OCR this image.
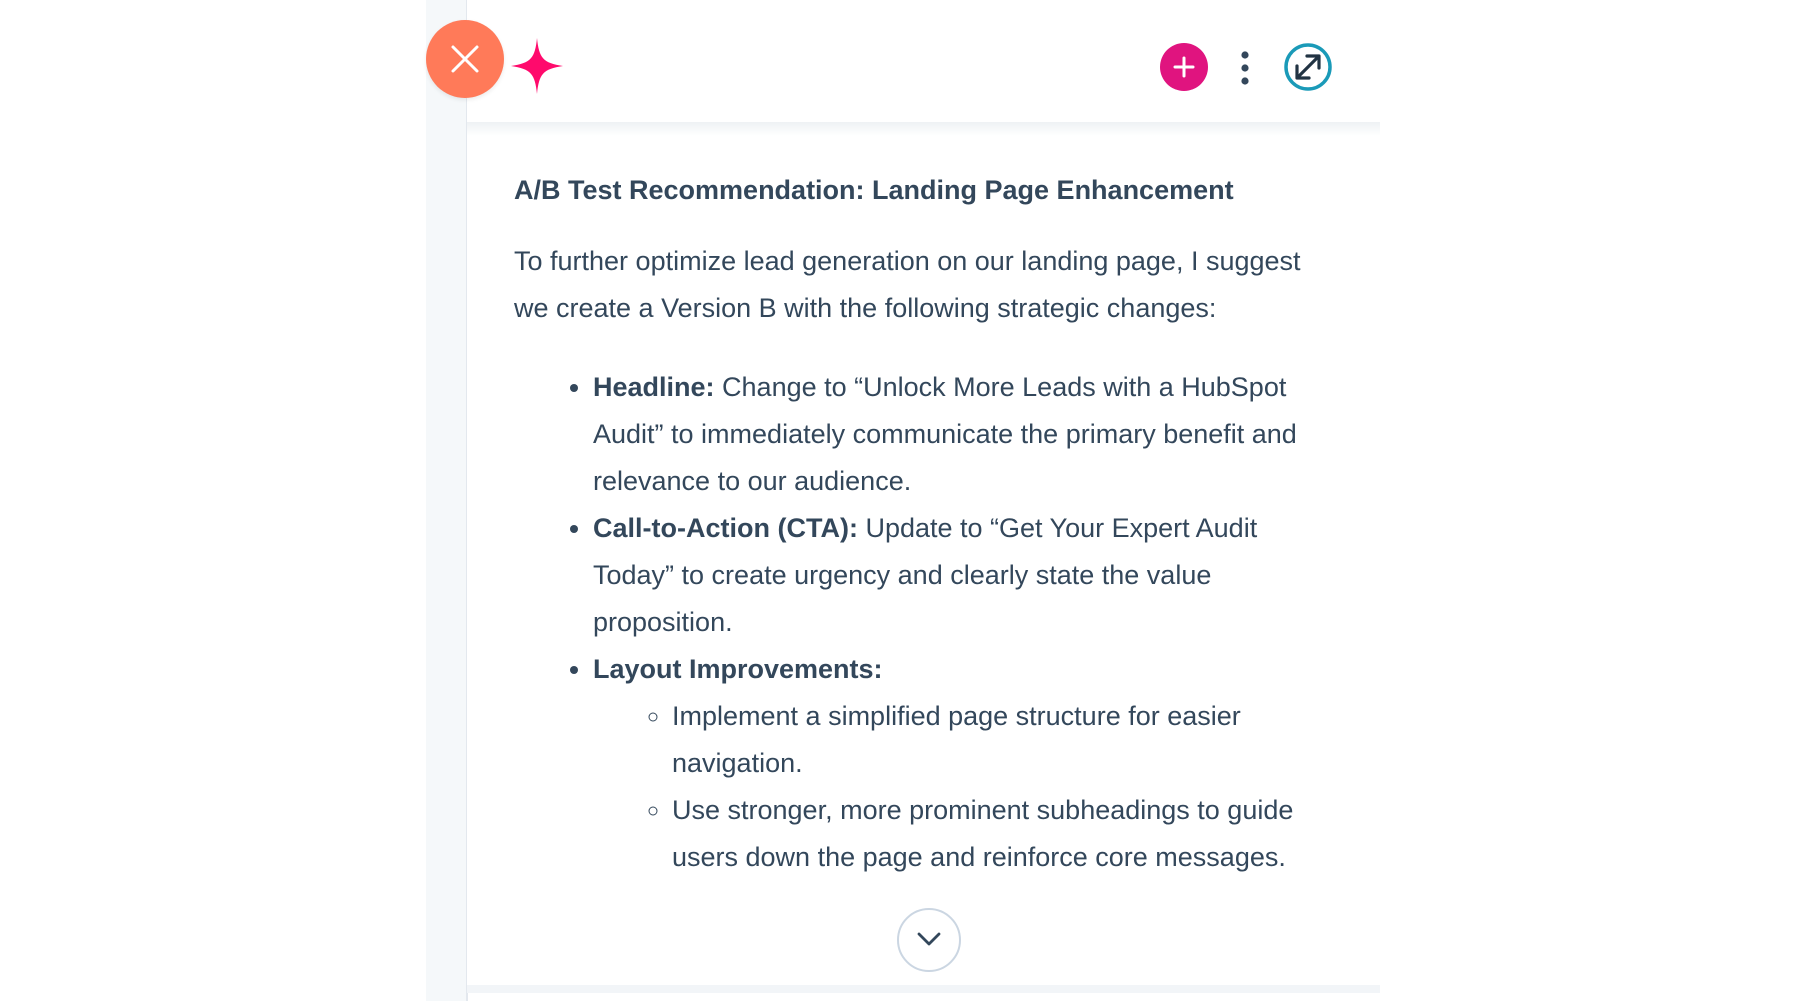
A/B Test Recommendation: Landing Page Enhancement
To further optimize lead generation on our landing page, I suggest we create a Version B with the following strategic changes:
• Headline: Change to “Unlock More Leads with a HubSpot Audit” to immediately communicate the primary benefit and relevance to our audience.
• Call-to-Action (CTA): Update to “Get Your Expert Audit Today” to create urgency and clearly state the value proposition.
• Layout Improvements:
◦ Implement a simplified page structure for easier navigation.
◦ Use stronger, more prominent subheadings to guide users down the page and reinforce core messages.
